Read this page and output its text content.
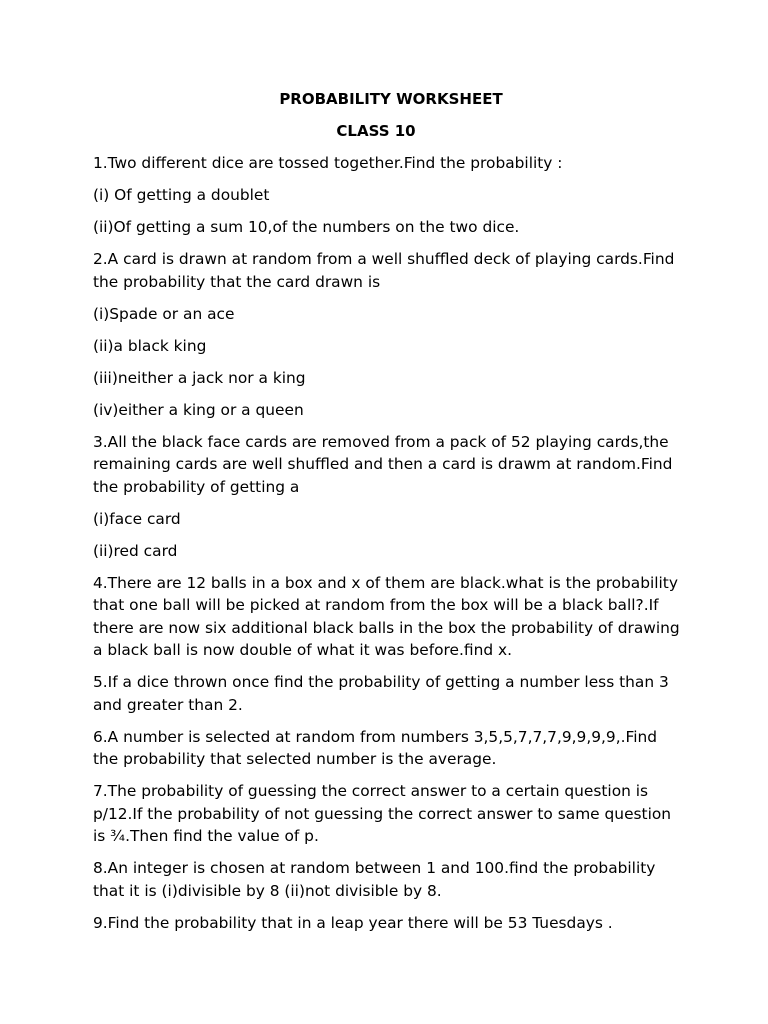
PROBABILITY WORKSHEET
CLASS 10

1.Two different dice are tossed together.Find the probability :

(i) Of getting a doublet

(ii)Of getting a sum 10,of the numbers on the two dice.

2.A card is drawn at random from a well shuffled deck of playing cards.Find the probability that the card drawn is

(i)Spade or an ace

(ii)a black king

(iii)neither a jack nor a king

(iv)either a king or a queen

3.All the black face cards are removed from a pack of 52 playing cards,the remaining cards are well shuffled and then a card is drawm at random.Find the probability of getting a

(i)face card

(ii)red card

4.There are 12 balls in a box and x of them are black.what is the probability that one ball will be picked at random from the box will be a black ball?.If there are now six additional black balls in the box the probability of drawing a black ball is now double of what it was before.find x.

5.If a dice thrown once find the probability of getting a number less than 3 and greater than 2.

6.A number is selected at random from numbers 3,5,5,7,7,7,9,9,9,9,.Find the probability that selected number is the average.

7.The probability of guessing the correct answer to a certain question is p/12.If the probability of not guessing the correct answer to same question is ¾.Then find the value of p.

8.An integer is chosen at random between 1 and 100.find the probability that it is (i)divisible by 8 (ii)not divisible by 8.

9.Find the probability that in a leap year there will be 53 Tuesdays .
